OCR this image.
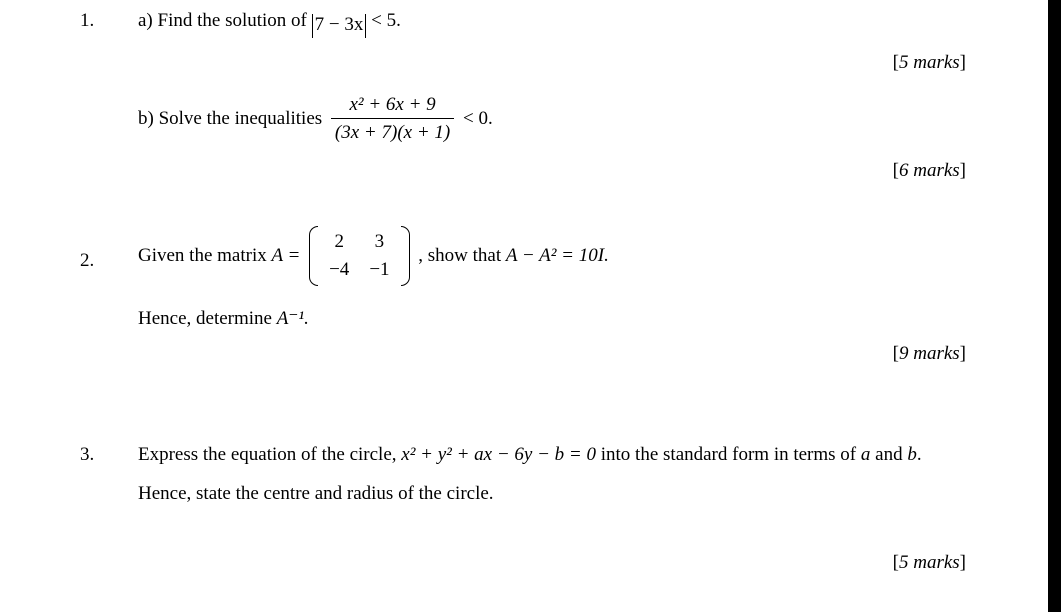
1. a) Find the solution of 7 − 3x < 5.
[5 marks]
b) Solve the inequalities $\frac{\text{x² + 6x + 9}}{(3x + 7)(x + 1)} < 0$.
[6 marks]
2. Given the matrix A =
2	3
−4	−1
, show that A − A² = 10I.
Hence, determine A⁻¹.
[9 marks]
3. Express the equation of the circle, x² + y² + ax − 6y − b = 0 into the standard form in terms of a and b.
Hence, state the centre and radius of the circle.
[5 marks]
